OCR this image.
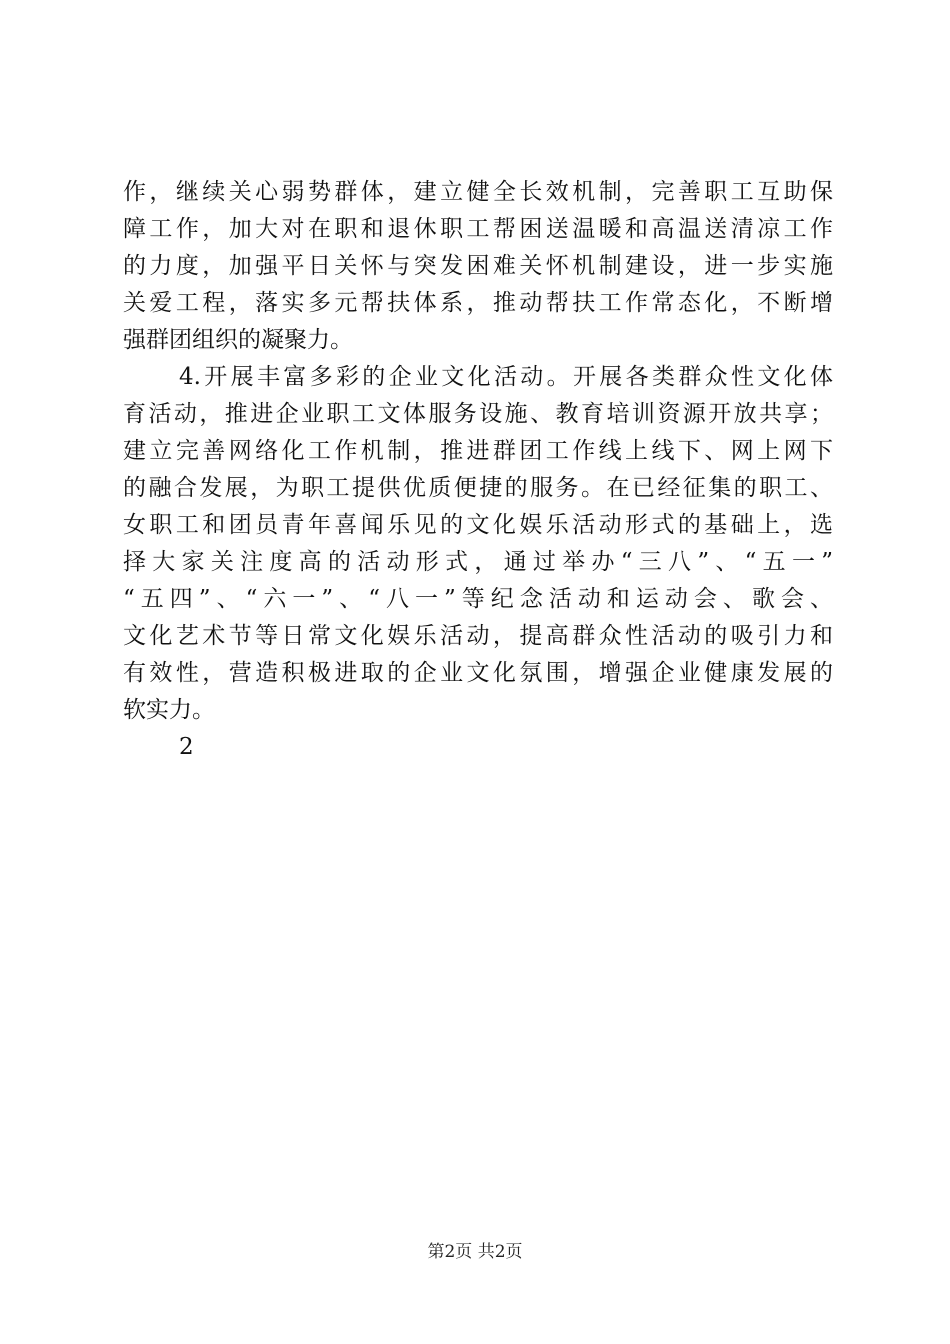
作，继续关心弱势群体，建立健全长效机制，完善职工互助保
障工作，加大对在职和退休职工帮困送温暖和高温送清凉工作
的力度，加强平日关怀与突发困难关怀机制建设，进一步实施
关爱工程，落实多元帮扶体系，推动帮扶工作常态化，不断增
强群团组织的凝聚力。
4.开展丰富多彩的企业文化活动。开展各类群众性文化体
育活动，推进企业职工文体服务设施、教育培训资源开放共享；
建立完善网络化工作机制，推进群团工作线上线下、网上网下
的融合发展，为职工提供优质便捷的服务。在已经征集的职工、
女职工和团员青年喜闻乐见的文化娱乐活动形式的基础上，选
择大家关注度高的活动形式，通过举办“三八”、“五一”
“五四”、“六一”、“八一”等纪念活动和运动会、歌会、
文化艺术节等日常文化娱乐活动，提高群众性活动的吸引力和
有效性，营造积极进取的企业文化氛围，增强企业健康发展的
软实力。
2
第2页 共2页
